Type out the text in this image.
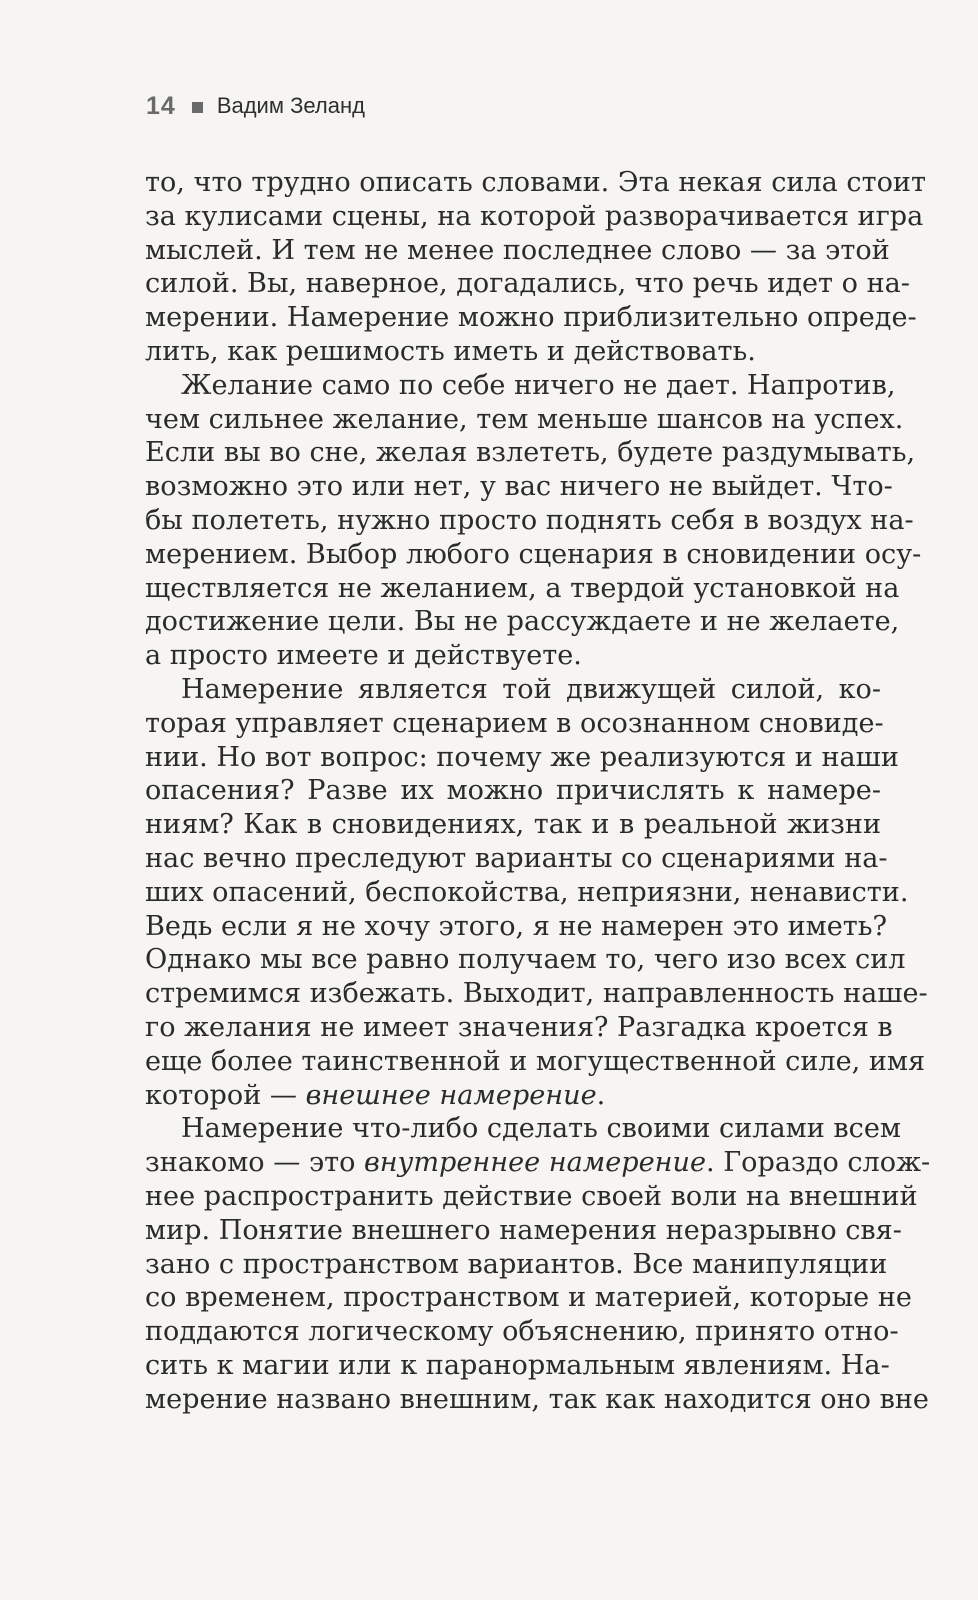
14 Вадим Зеланд
то, что трудно описать словами. Эта некая сила стоит
за кулисами сцены, на которой разворачивается игра
мыслей. И тем не менее последнее слово — за этой
силой. Вы, наверное, догадались, что речь идет о на-
мерении. Намерение можно приблизительно опреде-
лить, как решимость иметь и действовать.
Желание само по себе ничего не дает. Напротив,
чем сильнее желание, тем меньше шансов на успех.
Если вы во сне, желая взлететь, будете раздумывать,
возможно это или нет, у вас ничего не выйдет. Что-
бы полететь, нужно просто поднять себя в воздух на-
мерением. Выбор любого сценария в сновидении осу-
ществляется не желанием, а твердой установкой на
достижение цели. Вы не рассуждаете и не желаете,
а просто имеете и действуете.
Намерение является той движущей силой, ко-
торая управляет сценарием в осознанном сновиде-
нии. Но вот вопрос: почему же реализуются и наши
опасения? Разве их можно причислять к намере-
ниям? Как в сновидениях, так и в реальной жизни
нас вечно преследуют варианты со сценариями на-
ших опасений, беспокойства, неприязни, ненависти.
Ведь если я не хочу этого, я не намерен это иметь?
Однако мы все равно получаем то, чего изо всех сил
стремимся избежать. Выходит, направленность наше-
го желания не имеет значения? Разгадка кроется в
еще более таинственной и могущественной силе, имя
которой — внешнее намерение.
Намерение что-либо сделать своими силами всем
знакомо — это внутреннее намерение. Гораздо слож-
нее распространить действие своей воли на внешний
мир. Понятие внешнего намерения неразрывно свя-
зано с пространством вариантов. Все манипуляции
со временем, пространством и материей, которые не
поддаются логическому объяснению, принято отно-
сить к магии или к паранормальным явлениям. На-
мерение названо внешним, так как находится оно вне
